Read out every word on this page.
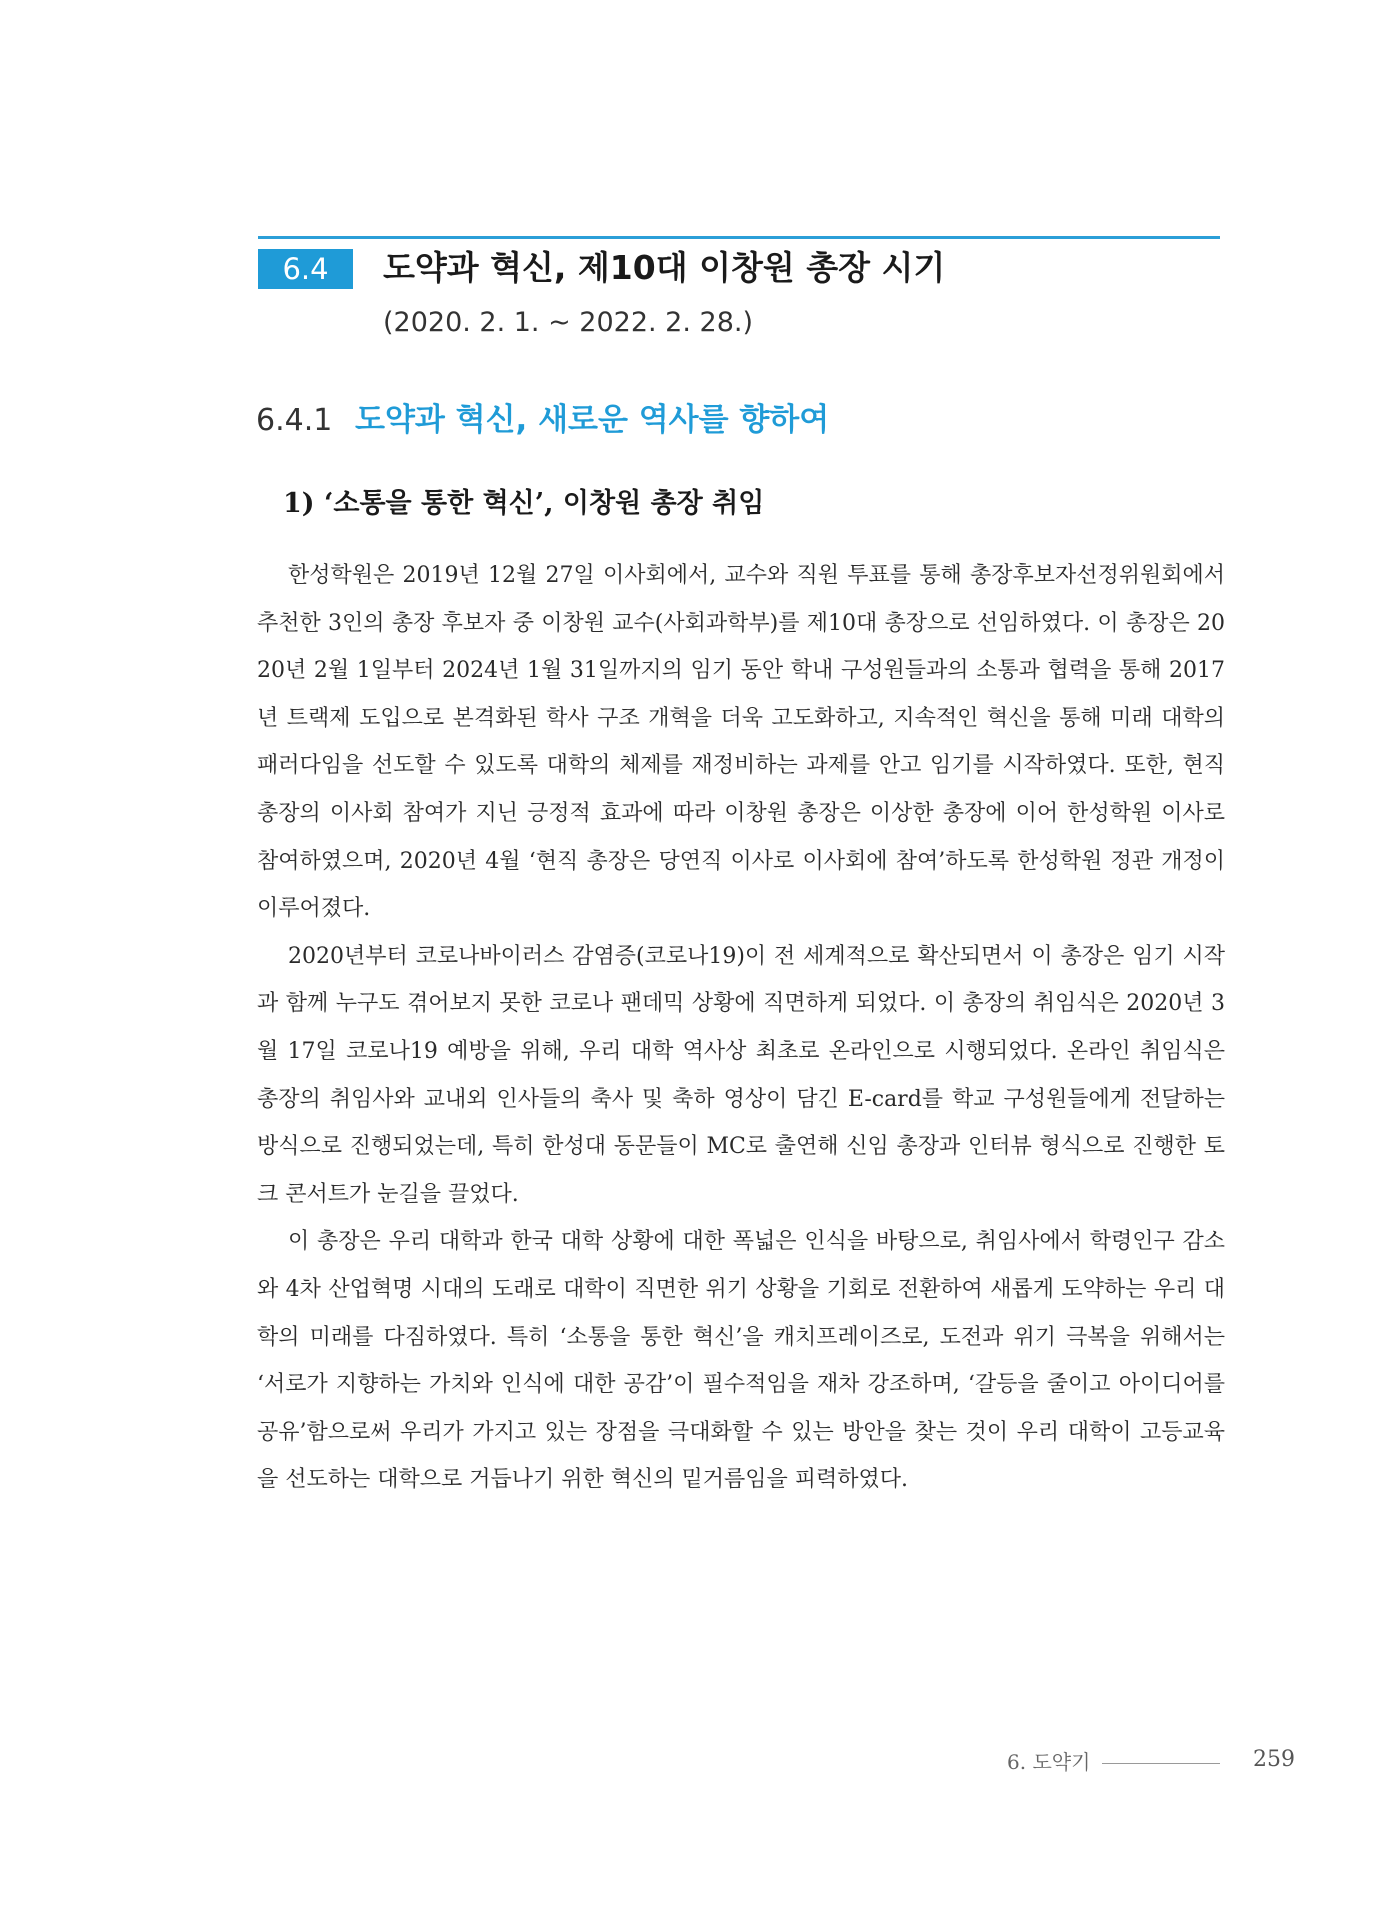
6.4	도약과 혁신, 제10대 이창원 총장 시기
(2020. 2. 1. ~ 2022. 2. 28.)
6.4.1 도약과 혁신, 새로운 역사를 향하여
1) ‘소통을 통한 혁신’, 이창원 총장 취임

한성학원은 2019년 12월 27일 이사회에서, 교수와 직원 투표를 통해 총장후보자선정위원회에서 추천한 3인의 총장 후보자 중 이창원 교수(사회과학부)를 제10대 총장으로 선임하였다. 이 총장은 2020년 2월 1일부터 2024년 1월 31일까지의 임기 동안 학내 구성원들과의 소통과 협력을 통해 2017년 트랙제 도입으로 본격화된 학사 구조 개혁을 더욱 고도화하고, 지속적인 혁신을 통해 미래 대학의 패러다임을 선도할 수 있도록 대학의 체제를 재정비하는 과제를 안고 임기를 시작하였다. 또한, 현직 총장의 이사회 참여가 지닌 긍정적 효과에 따라 이창원 총장은 이상한 총장에 이어 한성학원 이사로 참여하였으며, 2020년 4월 ‘현직 총장은 당연직 이사로 이사회에 참여’하도록 한성학원 정관 개정이 이루어졌다.

2020년부터 코로나바이러스 감염증(코로나19)이 전 세계적으로 확산되면서 이 총장은 임기 시작과 함께 누구도 겪어보지 못한 코로나 팬데믹 상황에 직면하게 되었다. 이 총장의 취임식은 2020년 3월 17일 코로나19 예방을 위해, 우리 대학 역사상 최초로 온라인으로 시행되었다. 온라인 취임식은 총장의 취임사와 교내외 인사들의 축사 및 축하 영상이 담긴 E-card를 학교 구성원들에게 전달하는 방식으로 진행되었는데, 특히 한성대 동문들이 MC로 출연해 신임 총장과 인터뷰 형식으로 진행한 토크 콘서트가 눈길을 끌었다.

이 총장은 우리 대학과 한국 대학 상황에 대한 폭넓은 인식을 바탕으로, 취임사에서 학령인구 감소와 4차 산업혁명 시대의 도래로 대학이 직면한 위기 상황을 기회로 전환하여 새롭게 도약하는 우리 대학의 미래를 다짐하였다. 특히 ‘소통을 통한 혁신’을 캐치프레이즈로, 도전과 위기 극복을 위해서는 ‘서로가 지향하는 가치와 인식에 대한 공감’이 필수적임을 재차 강조하며, ‘갈등을 줄이고 아이디어를 공유’함으로써 우리가 가지고 있는 장점을 극대화할 수 있는 방안을 찾는 것이 우리 대학이 고등교육을 선도하는 대학으로 거듭나기 위한 혁신의 밑거름임을 피력하였다.

6. 도약기	259
